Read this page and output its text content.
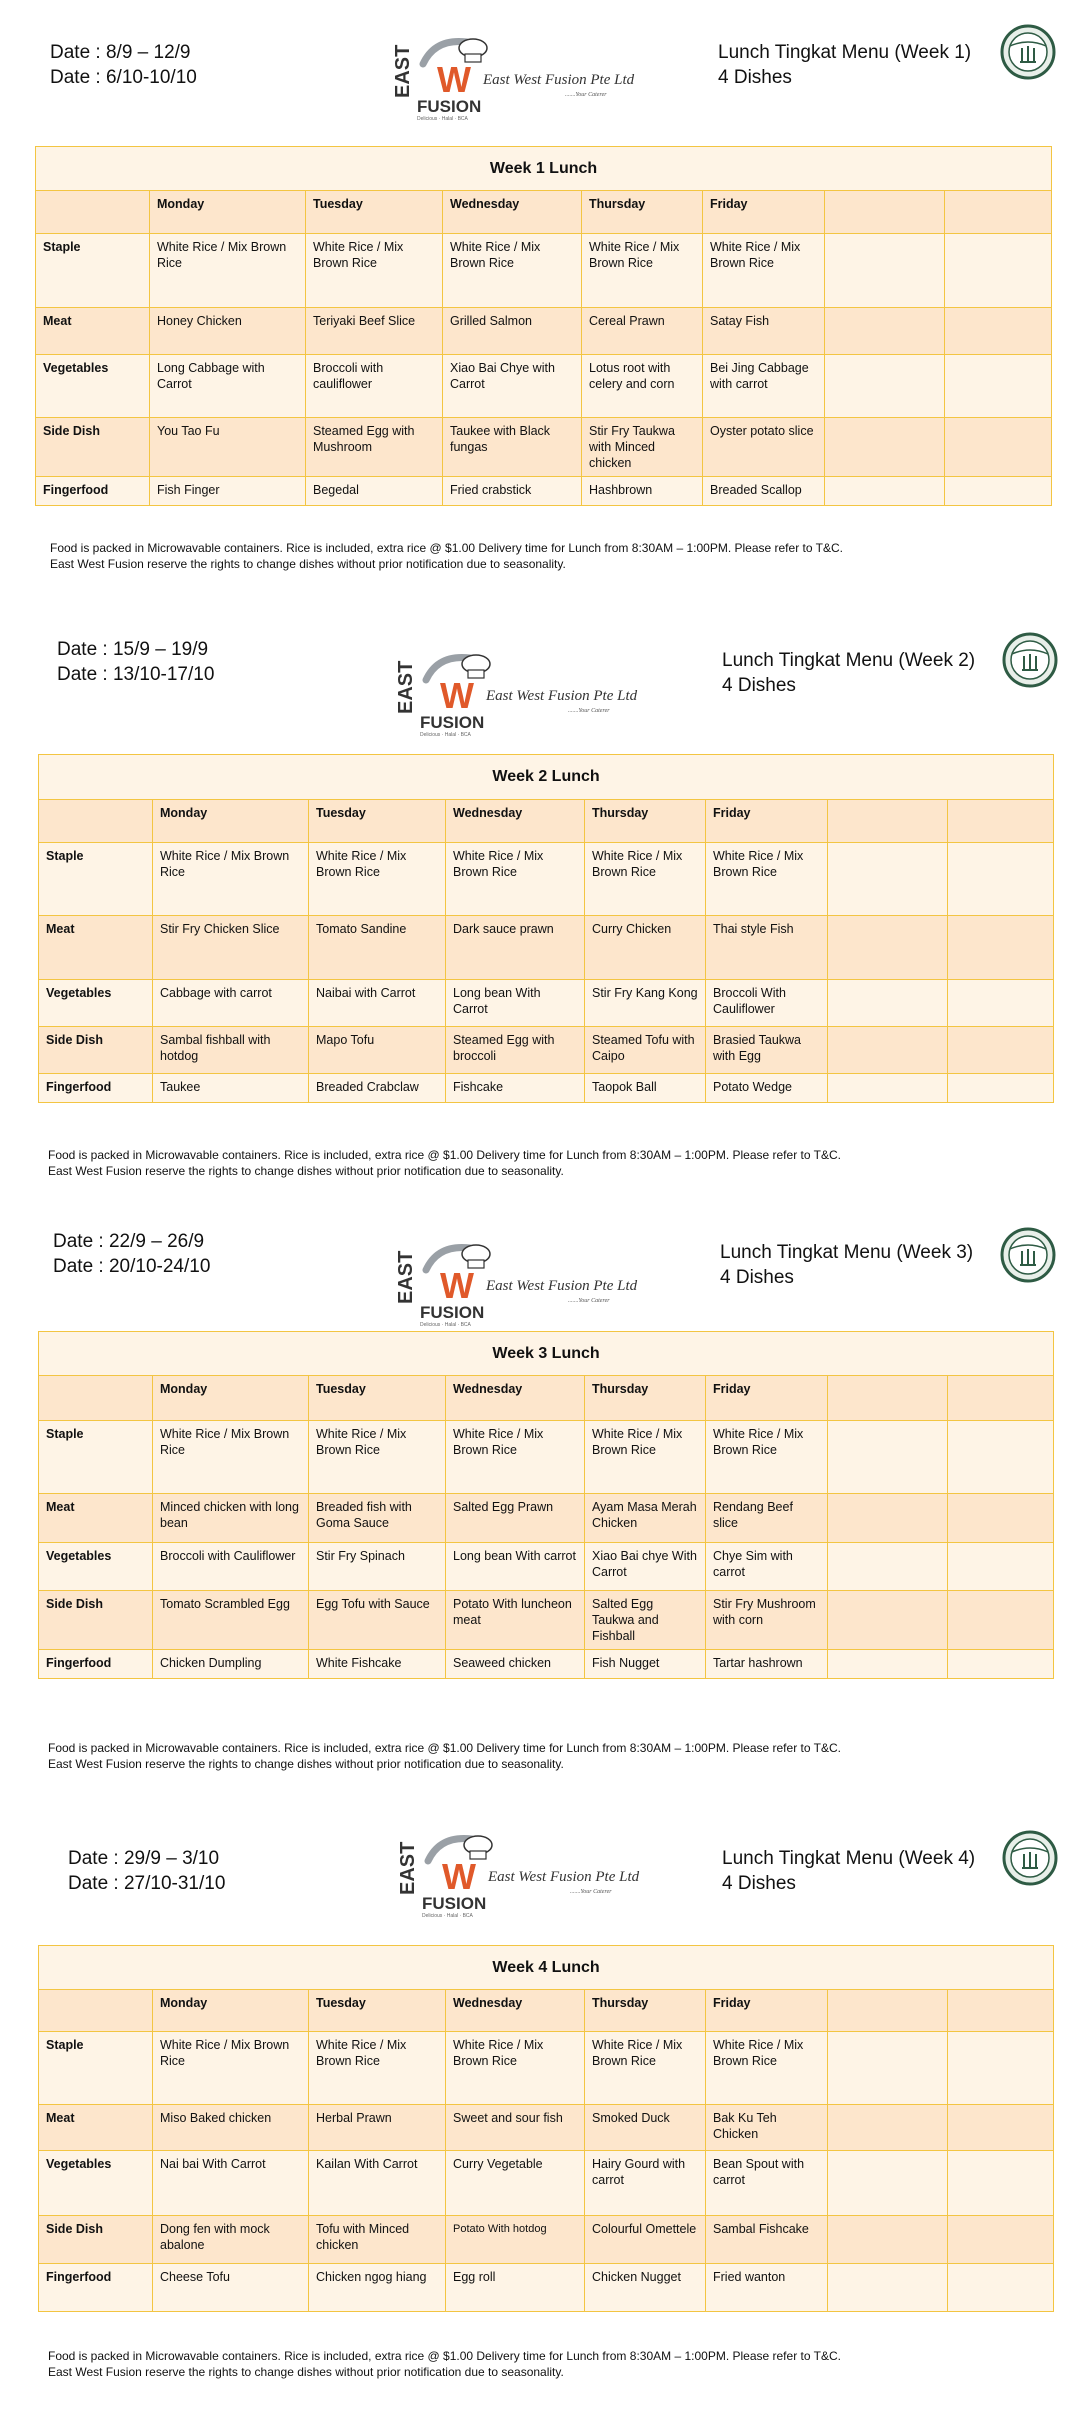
Date : 8/9 – 12/9
Date : 6/10-10/10	EAST W
FUSION
Delicious · Halal · BCA
East West Fusion Pte Ltd
.......Your Caterer
Lunch Tingkat Menu (Week 1)
4 Dishes
Week 1 Lunch							
	Monday	Tuesday	Wednesday	Thursday	Friday		
Staple	White Rice / Mix Brown Rice	White Rice / Mix Brown Rice	White Rice / Mix Brown Rice	White Rice / Mix Brown Rice	White Rice / Mix Brown Rice		
Meat	Honey Chicken	Teriyaki Beef Slice	Grilled Salmon	Cereal Prawn	Satay Fish		
Vegetables	Long Cabbage with Carrot	Broccoli with cauliflower	Xiao Bai Chye with Carrot	Lotus root with celery and corn	Bei Jing Cabbage with carrot		
Side Dish	You Tao Fu	Steamed Egg with Mushroom	Taukee with Black fungas	Stir Fry Taukwa with Minced chicken	Oyster potato slice		
Fingerfood	Fish Finger	Begedal	Fried crabstick	Hashbrown	Breaded Scallop		
Food is packed in Microwavable containers. Rice is included, extra rice @ $1.00 Delivery time for Lunch from 8:30AM – 1:00PM. Please refer to T&C.
East West Fusion reserve the rights to change dishes without prior notification due to seasonality.
Date : 15/9 – 19/9
Date : 13/10-17/10	EAST W
FUSION
Delicious · Halal · BCA
East West Fusion Pte Ltd
.......Your Caterer
Lunch Tingkat Menu (Week 2)
4 Dishes
Week 2 Lunch							
	Monday	Tuesday	Wednesday	Thursday	Friday		
Staple	White Rice / Mix Brown Rice	White Rice / Mix Brown Rice	White Rice / Mix Brown Rice	White Rice / Mix Brown Rice	White Rice / Mix Brown Rice		
Meat	Stir Fry Chicken Slice	Tomato Sandine	Dark sauce prawn	Curry Chicken	Thai style Fish		
Vegetables	Cabbage with carrot	Naibai with Carrot	Long bean With Carrot	Stir Fry Kang Kong	Broccoli With Cauliflower		
Side Dish	Sambal fishball with hotdog	Mapo Tofu	Steamed Egg with broccoli	Steamed Tofu with Caipo	Brasied Taukwa with Egg		
Fingerfood	Taukee	Breaded Crabclaw	Fishcake	Taopok Ball	Potato Wedge		
Food is packed in Microwavable containers. Rice is included, extra rice @ $1.00 Delivery time for Lunch from 8:30AM – 1:00PM. Please refer to T&C.
East West Fusion reserve the rights to change dishes without prior notification due to seasonality.
Date : 22/9 – 26/9
Date : 20/10-24/10	EAST W
FUSION
Delicious · Halal · BCA
East West Fusion Pte Ltd
.......Your Caterer
Lunch Tingkat Menu (Week 3)
4 Dishes
Week 3 Lunch							
	Monday	Tuesday	Wednesday	Thursday	Friday		
Staple	White Rice / Mix Brown Rice	White Rice / Mix Brown Rice	White Rice / Mix Brown Rice	White Rice / Mix Brown Rice	White Rice / Mix Brown Rice		
Meat	Minced chicken with long bean	Breaded fish with Goma Sauce	Salted Egg Prawn	Ayam Masa Merah Chicken	Rendang Beef slice		
Vegetables	Broccoli with Cauliflower	Stir Fry Spinach	Long bean With carrot	Xiao Bai chye With Carrot	Chye Sim with carrot		
Side Dish	Tomato Scrambled Egg	Egg Tofu with Sauce	Potato With luncheon meat	Salted Egg Taukwa and Fishball	Stir Fry Mushroom with corn		
Fingerfood	Chicken Dumpling	White Fishcake	Seaweed chicken	Fish Nugget	Tartar hashrown		
Food is packed in Microwavable containers. Rice is included, extra rice @ $1.00 Delivery time for Lunch from 8:30AM – 1:00PM. Please refer to T&C.
East West Fusion reserve the rights to change dishes without prior notification due to seasonality.
Date : 29/9 – 3/10
Date : 27/10-31/10	EAST W
FUSION
Delicious · Halal · BCA
East West Fusion Pte Ltd
.......Your Caterer
Lunch Tingkat Menu (Week 4)
4 Dishes
Week 4 Lunch							
	Monday	Tuesday	Wednesday	Thursday	Friday		
Staple	White Rice / Mix Brown Rice	White Rice / Mix Brown Rice	White Rice / Mix Brown Rice	White Rice / Mix Brown Rice	White Rice / Mix Brown Rice		
Meat	Miso Baked chicken	Herbal Prawn	Sweet and sour fish	Smoked Duck	Bak Ku Teh Chicken		
Vegetables	Nai bai With Carrot	Kailan With Carrot	Curry Vegetable	Hairy Gourd with carrot	Bean Spout with carrot		
Side Dish	Dong fen with mock abalone	Tofu with Minced chicken	Potato With hotdog	Colourful Omettele	Sambal Fishcake		
Fingerfood	Cheese Tofu	Chicken ngog hiang	Egg roll	Chicken Nugget	Fried wanton		
Food is packed in Microwavable containers. Rice is included, extra rice @ $1.00 Delivery time for Lunch from 8:30AM – 1:00PM. Please refer to T&C.
East West Fusion reserve the rights to change dishes without prior notification due to seasonality.
